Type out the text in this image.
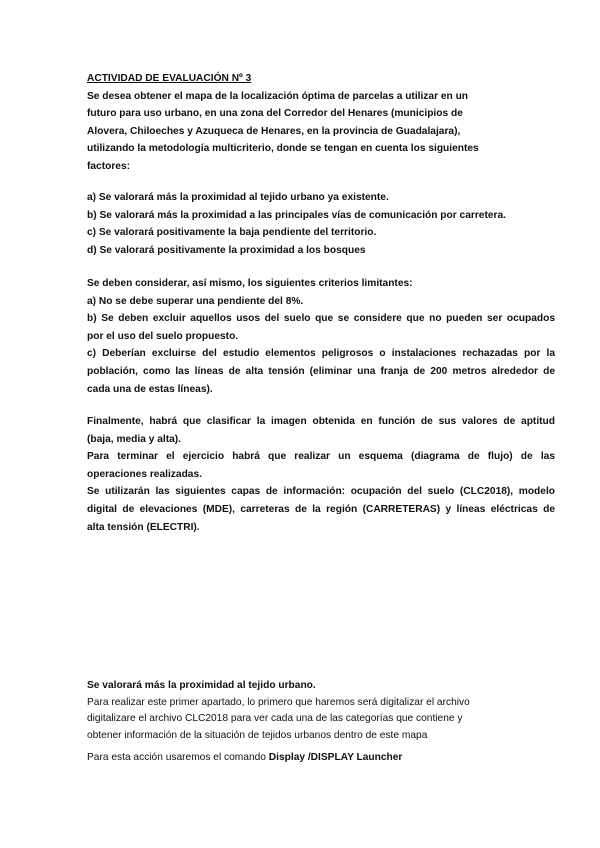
ACTIVIDAD DE EVALUACIÓN Nº 3
Se desea obtener el mapa de la localización óptima de parcelas a utilizar en un
futuro para uso urbano, en una zona del Corredor del Henares (municipios de
Alovera, Chiloeches y Azuqueca de Henares, en la provincia de Guadalajara),
utilizando la metodología multicriterio, donde se tengan en cuenta los siguientes
factores:
a) Se valorará más la proximidad al tejido urbano ya existente.
b) Se valorará más la proximidad a las principales vías de comunicación por carretera.
c) Se valorará positivamente la baja pendiente del territorio.
d) Se valorará positivamente la proximidad a los bosques
Se deben considerar, así mismo, los siguientes criterios limitantes:
a) No se debe superar una pendiente del 8%.
b) Se deben excluir aquellos usos del suelo que se considere que no pueden ser ocupados
por el uso del suelo propuesto.
c) Deberían excluirse del estudio elementos peligrosos o instalaciones rechazadas por la
población, como las líneas de alta tensión (eliminar una franja de 200 metros alrededor de
cada una de estas líneas).
Finalmente, habrá que clasificar la imagen obtenida en función de sus valores de aptitud
(baja, media y alta).
Para terminar el ejercicio habrá que realizar un esquema (diagrama de flujo) de las
operaciones realizadas.
Se utilizarán las siguientes capas de información: ocupación del suelo (CLC2018), modelo
digital de elevaciones (MDE), carreteras de la región (CARRETERAS) y líneas eléctricas de
alta tensión (ELECTRI).
Se valorará más la proximidad al tejido urbano.
Para realizar este primer apartado, lo primero que haremos será digitalizar el archivo
digitalizare el archivo CLC2018 para ver cada una de las categorías que contiene y
obtener información de la situación de tejidos urbanos dentro de este mapa
Para esta acción usaremos el comando Display /DISPLAY Launcher
